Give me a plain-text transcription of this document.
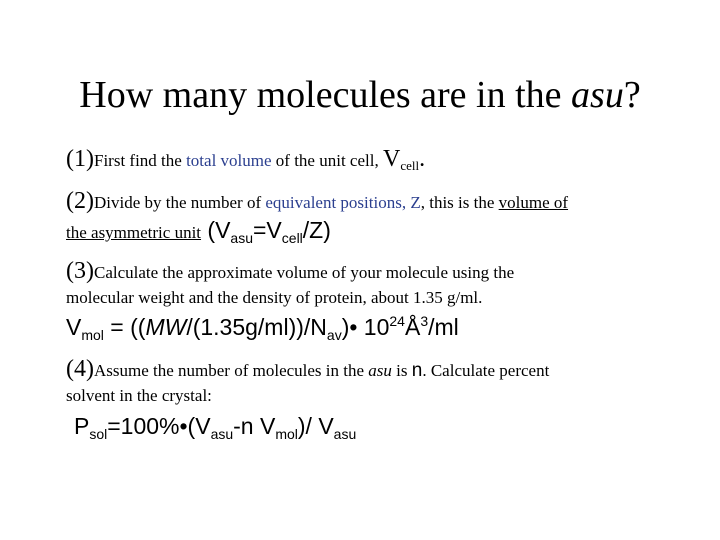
How many molecules are in the asu?
(1)First find the total volume of the unit cell, $V_{cell}$.
(2)Divide by the number of equivalent positions, Z, this is the volume of
the asymmetric unit (Vasu=Vcell/Z)
(3)Calculate the approximate volume of your molecule using the
molecular weight and the density of protein, about 1.35 g/ml.
Vmol = ((MW/(1.35g/ml))/Nav)• 1024Å3/ml
(4)Assume the number of molecules in the asu is n. Calculate percent
solvent in the crystal:
Psol=100%•(Vasu-n Vmol)/ Vasu
